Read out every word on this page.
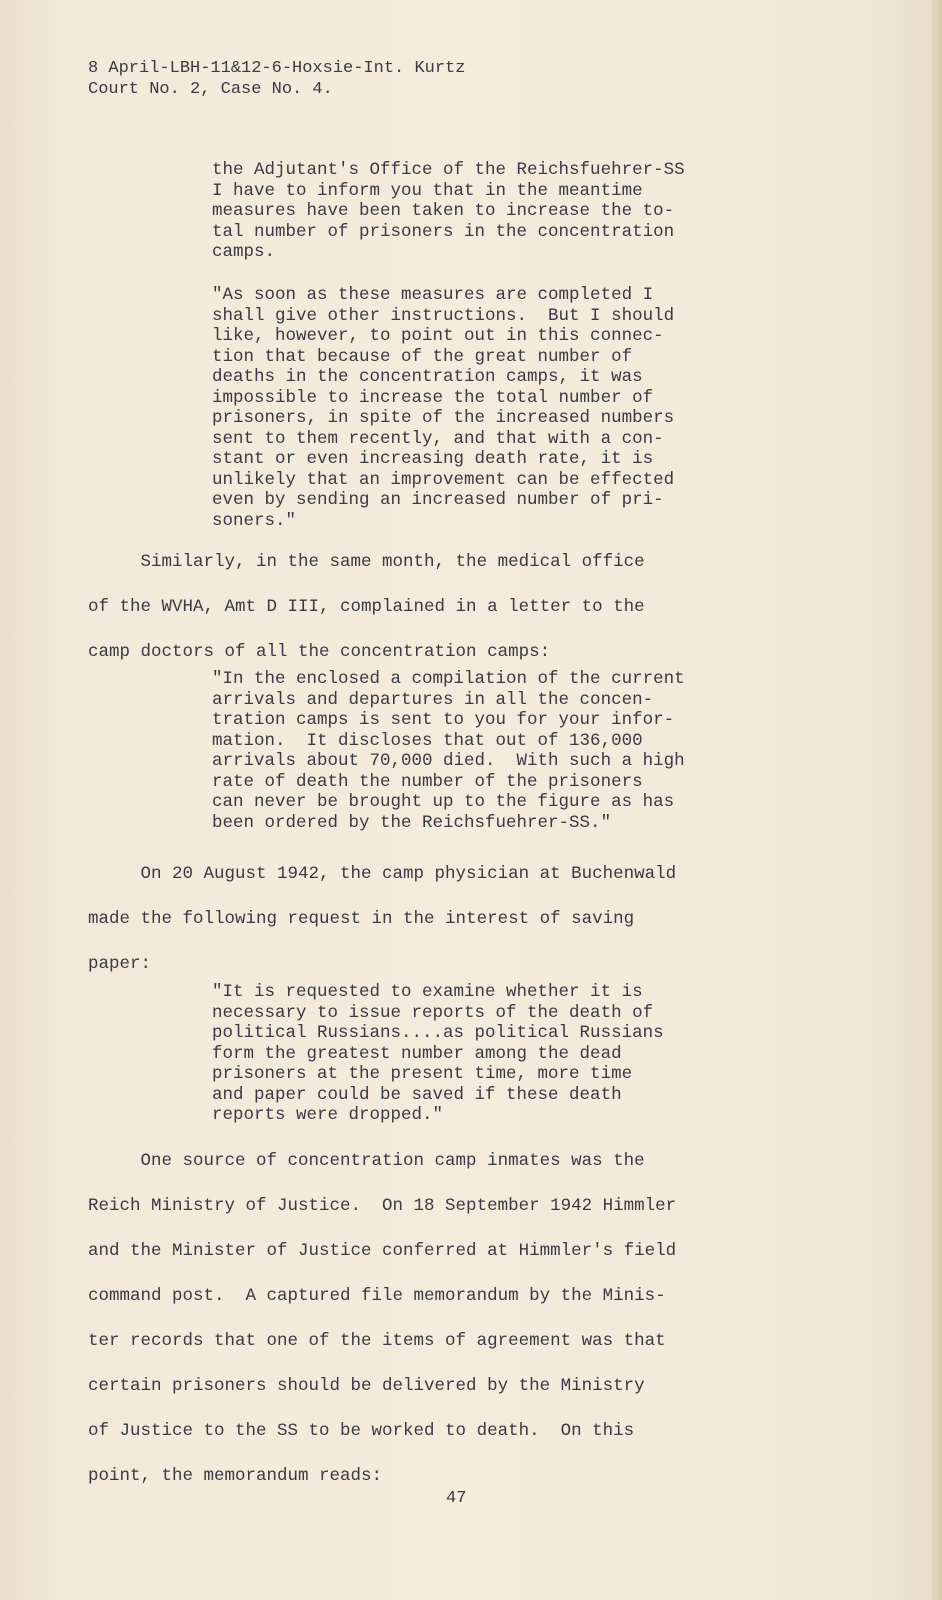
8 April-LBH-11&12-6-Hoxsie-Int. Kurtz
Court No. 2, Case No. 4.
the Adjutant's Office of the Reichsfuehrer-SS
I have to inform you that in the meantime
measures have been taken to increase the to-
tal number of prisoners in the concentration
camps.
"As soon as these measures are completed I
shall give other instructions.  But I should
like, however, to point out in this connec-
tion that because of the great number of
deaths in the concentration camps, it was
impossible to increase the total number of
prisoners, in spite of the increased numbers
sent to them recently, and that with a con-
stant or even increasing death rate, it is
unlikely that an improvement can be effected
even by sending an increased number of pri-
soners."
Similarly, in the same month, the medical office
of the WVHA, Amt D III, complained in a letter to the
camp doctors of all the concentration camps:
"In the enclosed a compilation of the current
arrivals and departures in all the concen-
tration camps is sent to you for your infor-
mation.  It discloses that out of 136,000
arrivals about 70,000 died.  With such a high
rate of death the number of the prisoners
can never be brought up to the figure as has
been ordered by the Reichsfuehrer-SS."
On 20 August 1942, the camp physician at Buchenwald
made the following request in the interest of saving
paper:
"It is requested to examine whether it is
necessary to issue reports of the death of
political Russians....as political Russians
form the greatest number among the dead
prisoners at the present time, more time
and paper could be saved if these death
reports were dropped."
One source of concentration camp inmates was the
Reich Ministry of Justice.  On 18 September 1942 Himmler
and the Minister of Justice conferred at Himmler's field
command post.  A captured file memorandum by the Minis-
ter records that one of the items of agreement was that
certain prisoners should be delivered by the Ministry
of Justice to the SS to be worked to death.  On this
point, the memorandum reads:
47
